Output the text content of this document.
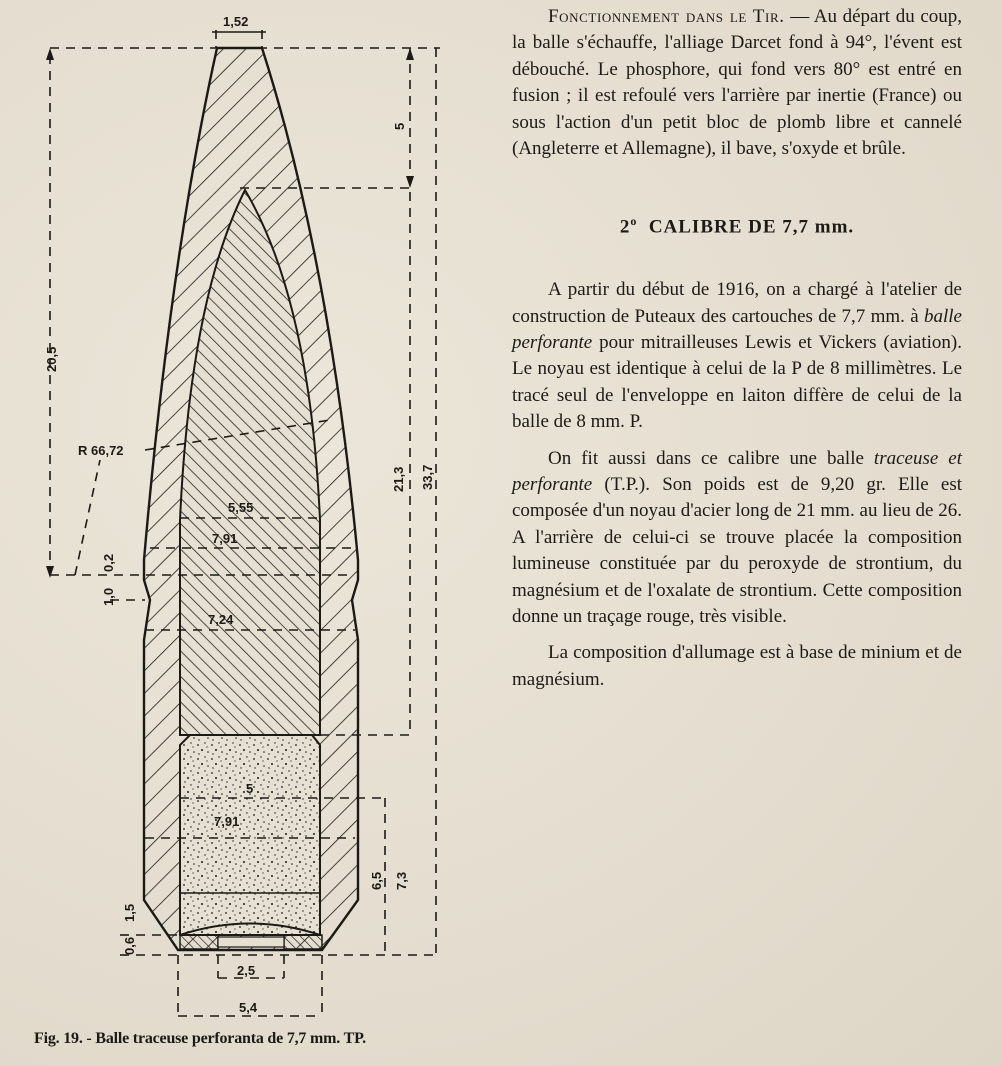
1,52
5
20,5
21,3 33,7
R 66,72
5,55
7,91
1,0
0,2
7,24
5
7,91
6,5 7,3
1,5
0,6
2,5
5,4
Fig. 19. - Balle traceuse perforanta de 7,7 mm. TP.

Fonctionnement dans le Tir. — Au départ du coup, la balle s'échauffe, l'alliage Darcet fond à 94°, l'évent est débouché. Le phosphore, qui fond vers 80° est entré en fusion ; il est refoulé vers l'arrière par inertie (France) ou sous l'action d'un petit bloc de plomb libre et cannelé (Angleterre et Allemagne), il bave, s'oxyde et brûle.

2$^o$ CALIBRE DE 7,7 mm.

A partir du début de 1916, on a chargé à l'atelier de construction de Puteaux des cartouches de 7,7 mm. à balle perforante pour mitrailleuses Lewis et Vickers (aviation). Le noyau est identique à celui de la P de 8 millimètres. Le tracé seul de l'enveloppe en laiton diffère de celui de la balle de 8 mm. P.

On fit aussi dans ce calibre une balle traceuse et perforante (T.P.). Son poids est de 9,20 gr. Elle est composée d'un noyau d'acier long de 21 mm. au lieu de 26. A l'arrière de celui-ci se trouve placée la composition lumineuse constituée par du peroxyde de strontium, du magnésium et de l'oxalate de strontium. Cette composition donne un traçage rouge, très visible.

La composition d'allumage est à base de minium et de magnésium.
